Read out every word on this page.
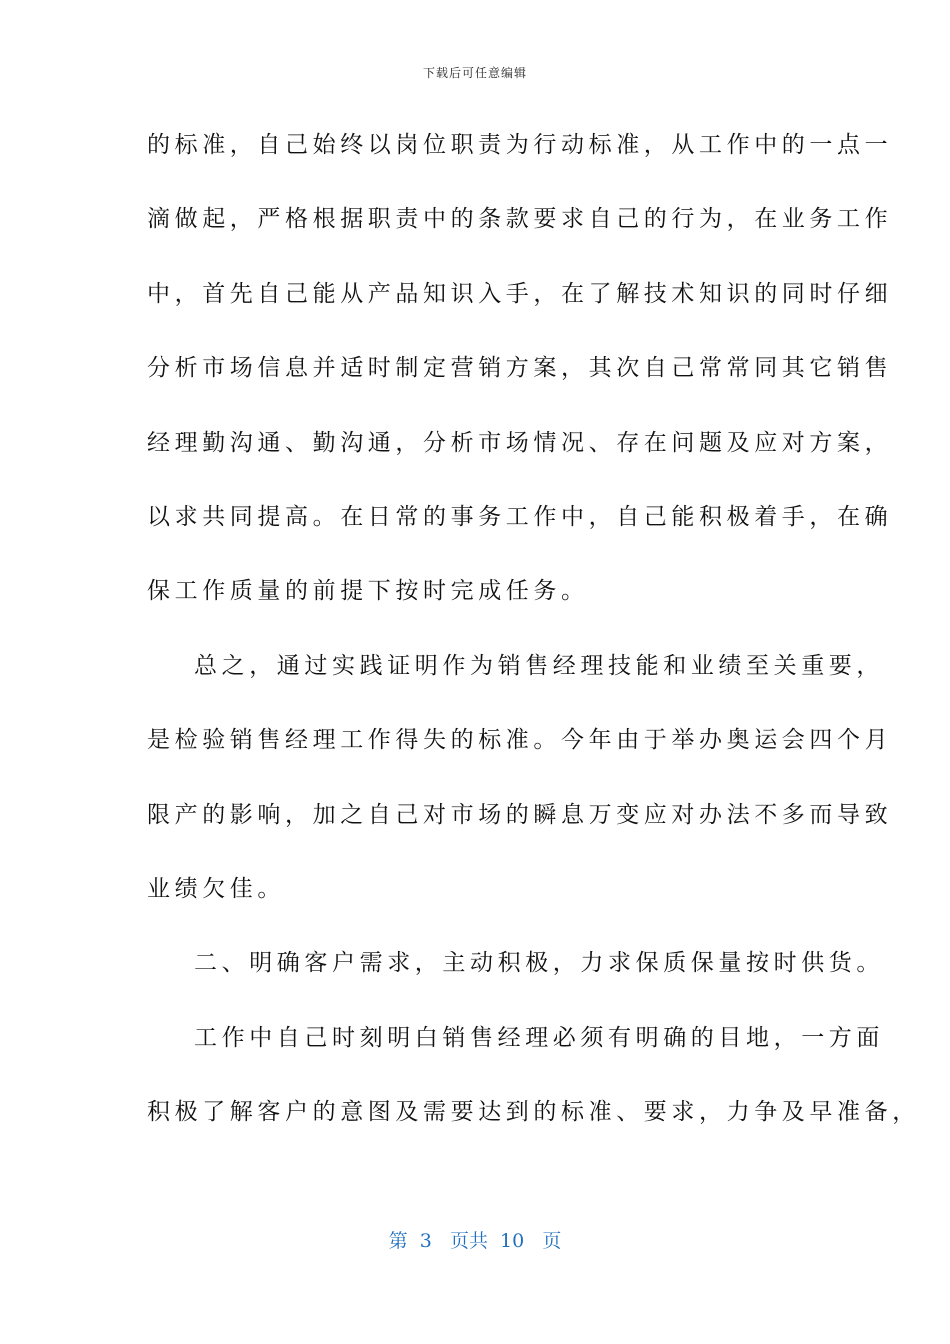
下载后可任意编辑
的标准，自己始终以岗位职责为行动标准，从工作中的一点一
滴做起，严格根据职责中的条款要求自己的行为，在业务工作
中，首先自己能从产品知识入手，在了解技术知识的同时仔细
分析市场信息并适时制定营销方案，其次自己常常同其它销售
经理勤沟通、勤沟通，分析市场情况、存在问题及应对方案，
以求共同提高。在日常的事务工作中，自己能积极着手，在确
保工作质量的前提下按时完成任务。
总之，通过实践证明作为销售经理技能和业绩至关重要，
是检验销售经理工作得失的标准。今年由于举办奥运会四个月
限产的影响，加之自己对市场的瞬息万变应对办法不多而导致
业绩欠佳。
二、明确客户需求，主动积极，力求保质保量按时供货。
工作中自己时刻明白销售经理必须有明确的目地，一方面
积极了解客户的意图及需要达到的标准、要求，力争及早准备，
第  3   页共  10   页
